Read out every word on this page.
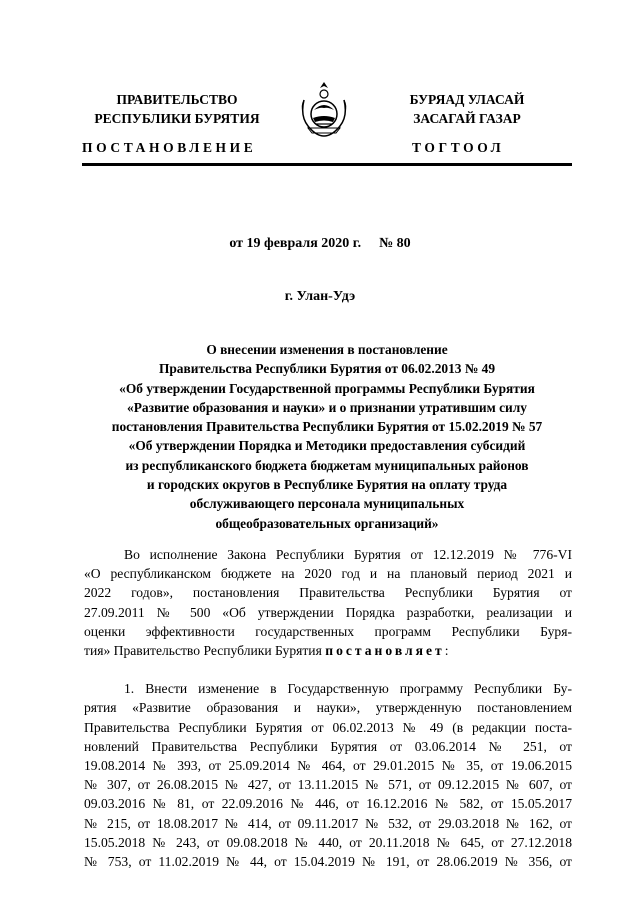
ПРАВИТЕЛЬСТВО
РЕСПУБЛИКИ БУРЯТИЯ
БУРЯАД УЛАСАЙ
ЗАСАГАЙ ГАЗАР
ПОСТАНОВЛЕНИЕ	ТОГТООЛ
от 19 февраля 2020 г. № 80
г. Улан-Удэ
О внесении изменения в постановление
Правительства Республики Бурятия от 06.02.2013 № 49
«Об утверждении Государственной программы Республики Бурятия
«Развитие образования и науки» и о признании утратившим силу
постановления Правительства Республики Бурятия от 15.02.2019 № 57
«Об утверждении Порядка и Методики предоставления субсидий
из республиканского бюджета бюджетам муниципальных районов
и городских округов в Республике Бурятия на оплату труда
обслуживающего персонала муниципальных
общеобразовательных организаций»
Во исполнение Закона Республики Бурятия от 12.12.2019 № 776-VI
«О республиканском бюджете на 2020 год и на плановый период 2021 и
2022 годов», постановления Правительства Республики Бурятия от
27.09.2011 № 500 «Об утверждении Порядка разработки, реализации и
оценки эффективности государственных программ Республики Буря-
тия» Правительство Республики Бурятия постановляет:
1. Внести изменение в Государственную программу Республики Бу-
рятия «Развитие образования и науки», утвержденную постановлением
Правительства Республики Бурятия от 06.02.2013 № 49 (в редакции поста-
новлений Правительства Республики Бурятия от 03.06.2014 № 251, от
19.08.2014 № 393, от 25.09.2014 № 464, от 29.01.2015 № 35, от 19.06.2015
№ 307, от 26.08.2015 № 427, от 13.11.2015 № 571, от 09.12.2015 № 607, от
09.03.2016 № 81, от 22.09.2016 № 446, от 16.12.2016 № 582, от 15.05.2017
№ 215, от 18.08.2017 № 414, от 09.11.2017 № 532, от 29.03.2018 № 162, от
15.05.2018 № 243, от 09.08.2018 № 440, от 20.11.2018 № 645, от 27.12.2018
№ 753, от 11.02.2019 № 44, от 15.04.2019 № 191, от 28.06.2019 № 356, от
